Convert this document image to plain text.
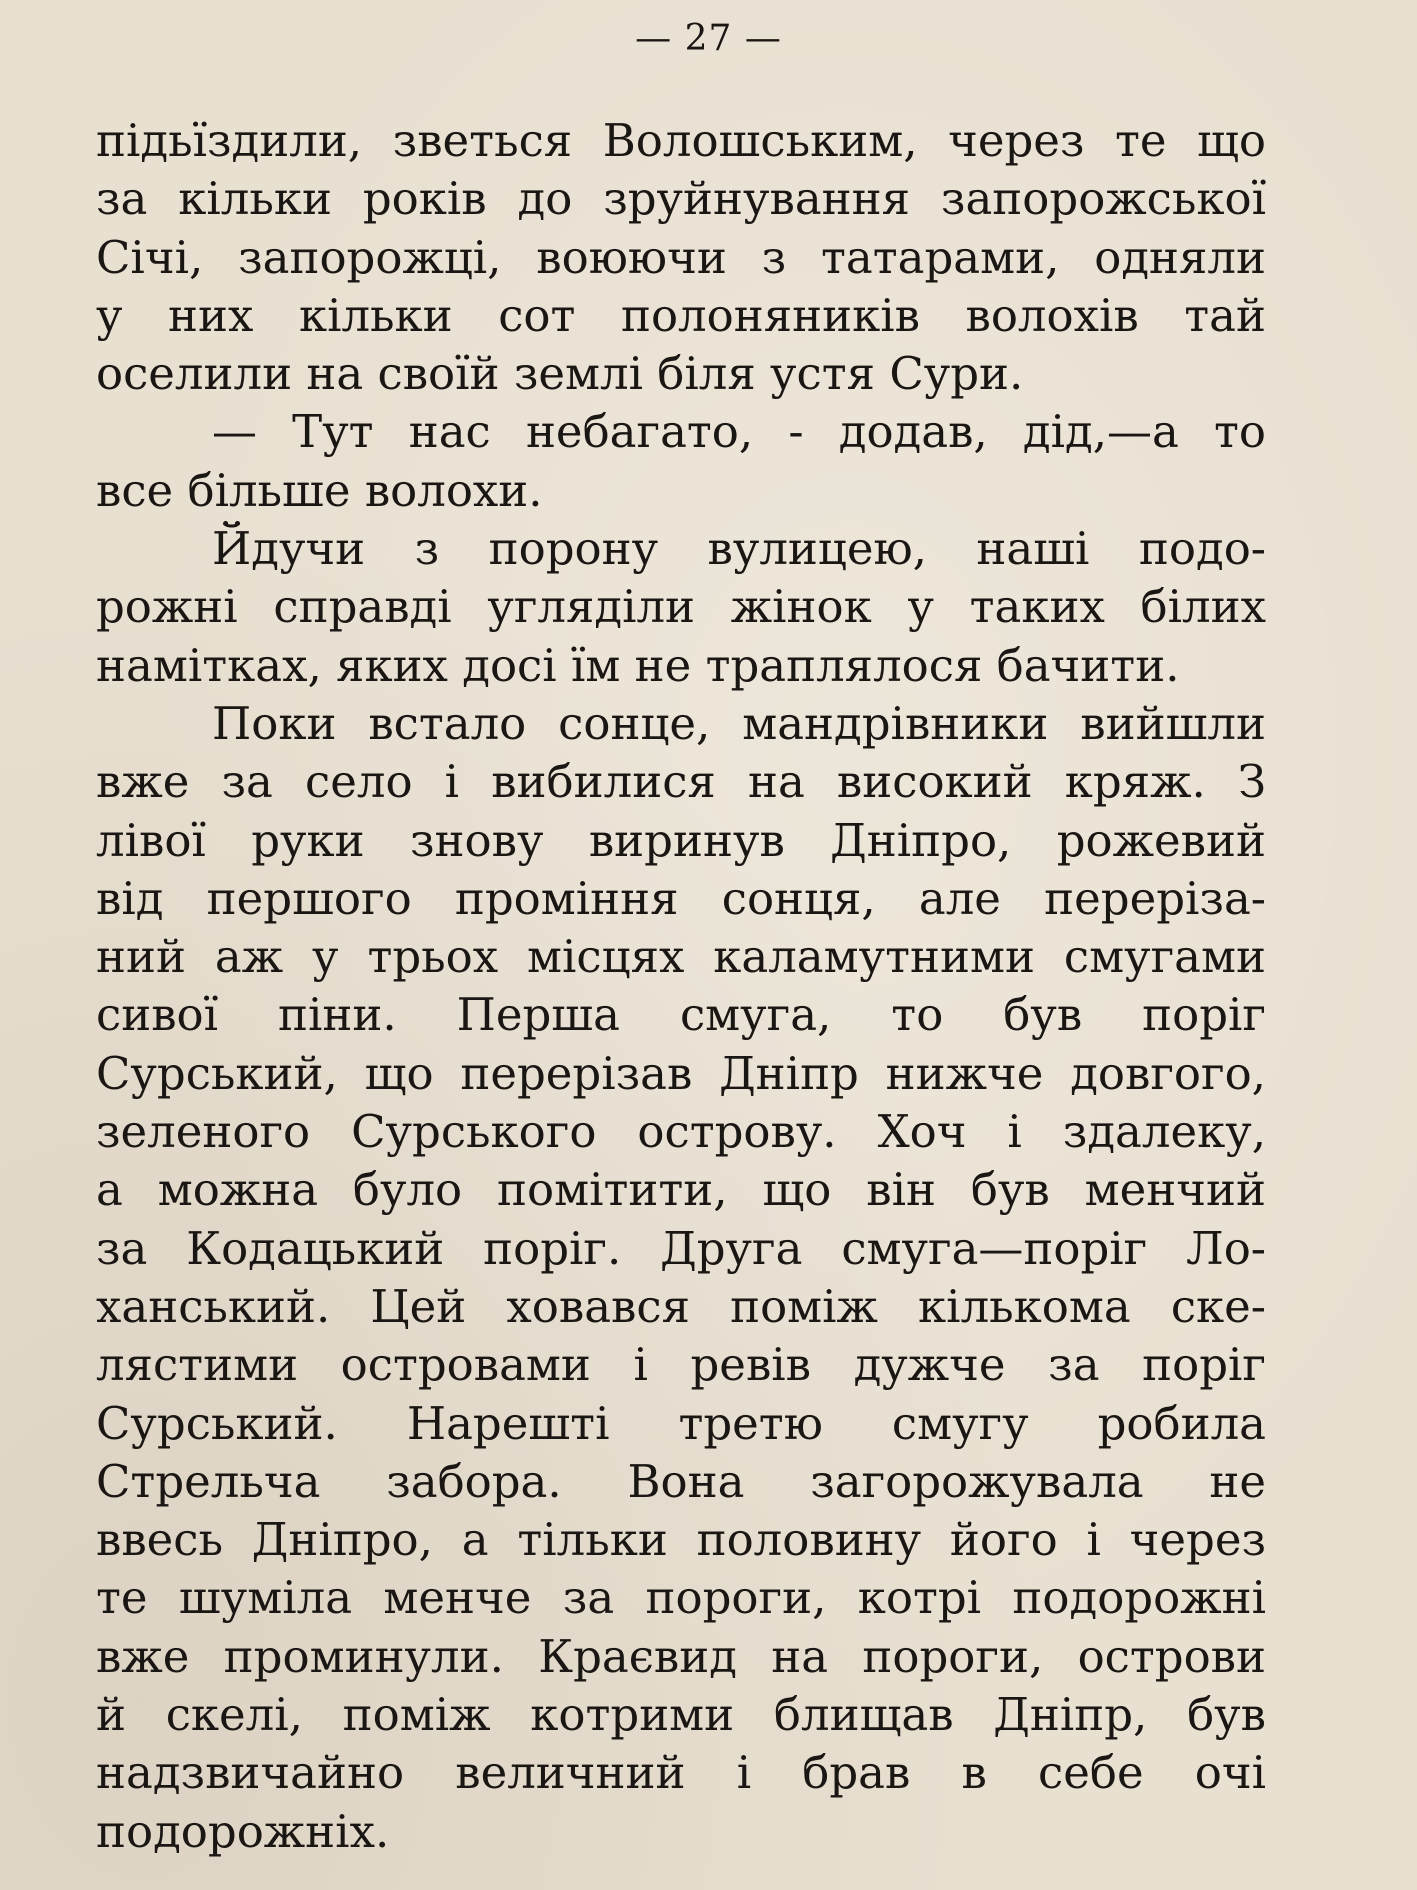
— 27 —
підьїздили, зветься Волошським, через те що
за кільки років до зруйнування запорожської
Січі, запорожці, воюючи з татарами, одняли
у них кільки сот полоняників волохів тай
оселили на своїй землі біля устя Сури.
— Тут нас небагато, - додав, дід,—а то
все більше волохи.
Йдучи з порону вулицею, наші подо-
рожні справді угляділи жінок у таких білих
намітках, яких досі їм не траплялося бачити.
Поки встало сонце, мандрівники вийшли
вже за село і вибилися на високий кряж. З
лівої руки знову виринув Дніпро, рожевий
від першого проміння сонця, але перерiза-
ний аж у трьох місцях каламутними смугами
сивої піни. Перша смуга, то був поріг
Сурський, що перерізав Дніпр нижче довгого,
зеленого Сурського острову. Хоч і здалеку,
а можна було помітити, що він був менчий
за Кодацький поріг. Друга смуга—поріг Ло-
ханський. Цей ховався поміж кількома ске-
лястими островами і ревів дужче за поріг
Сурський. Нарешті третю смугу робила
Стрельча забора. Вона загорожувала не
ввесь Дніпро, а тільки половину його і через
те шуміла менче за пороги, котрі подорожні
вже проминули. Краєвид на пороги, острови
й скелі, поміж котрими блищав Дніпр, був
надзвичайно величний і брав в себе очі
подорожніх.
